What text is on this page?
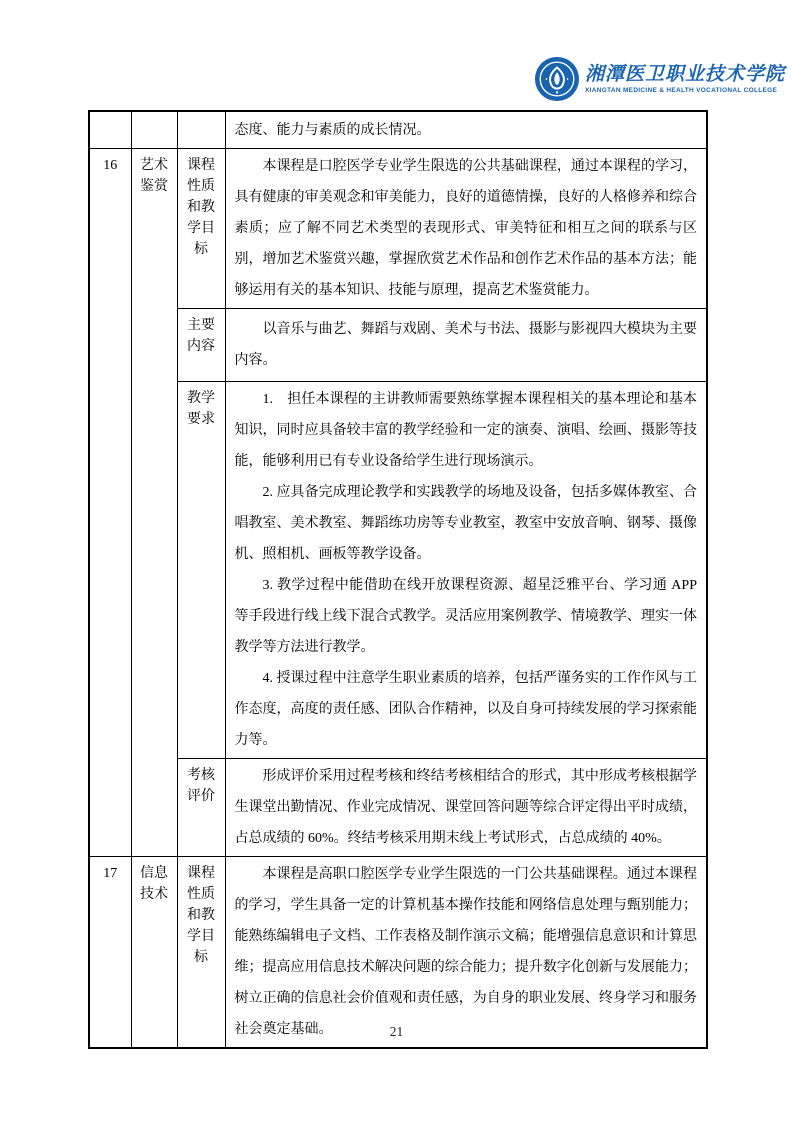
湘潭医卫职业技术学院
XIANGTAN MEDICINE & HEALTH VOCATIONAL COLLEGE

			态度、能力与素质的成长情况。

16	艺术鉴赏	课程性质和教学目标	本课程是口腔医学专业学生限选的公共基础课程，通过本课程的学习，具有健康的审美观念和审美能力，良好的道德情操，良好的人格修养和综合素质；应了解不同艺术类型的表现形式、审美特征和相互之间的联系与区别，增加艺术鉴赏兴趣，掌握欣赏艺术作品和创作艺术作品的基本方法；能够运用有关的基本知识、技能与原理，提高艺术鉴赏能力。

		主要内容	以音乐与曲艺、舞蹈与戏剧、美术与书法、摄影与影视四大模块为主要内容。

		教学要求	1.　担任本课程的主讲教师需要熟练掌握本课程相关的基本理论和基本知识，同时应具备较丰富的教学经验和一定的演奏、演唱、绘画、摄影等技能，能够利用已有专业设备给学生进行现场演示。

2. 应具备完成理论教学和实践教学的场地及设备，包括多媒体教室、合唱教室、美术教室、舞蹈练功房等专业教室，教室中安放音响、钢琴、摄像机、照相机、画板等教学设备。

3. 教学过程中能借助在线开放课程资源、超星泛雅平台、学习通 APP 等手段进行线上线下混合式教学。灵活应用案例教学、情境教学、理实一体教学等方法进行教学。

4. 授课过程中注意学生职业素质的培养，包括严谨务实的工作作风与工作态度，高度的责任感、团队合作精神，以及自身可持续发展的学习探索能力等。

		考核评价	形成评价采用过程考核和终结考核相结合的形式，其中形成考核根据学生课堂出勤情况、作业完成情况、课堂回答问题等综合评定得出平时成绩，占总成绩的 60%。终结考核采用期末线上考试形式，占总成绩的 40%。

17	信息技术	课程性质和教学目标	本课程是高职口腔医学专业学生限选的一门公共基础课程。通过本课程的学习，学生具备一定的计算机基本操作技能和网络信息处理与甄别能力；能熟练编辑电子文档、工作表格及制作演示文稿；能增强信息意识和计算思维；提高应用信息技术解决问题的综合能力；提升数字化创新与发展能力；树立正确的信息社会价值观和责任感，为自身的职业发展、终身学习和服务社会奠定基础。	21
